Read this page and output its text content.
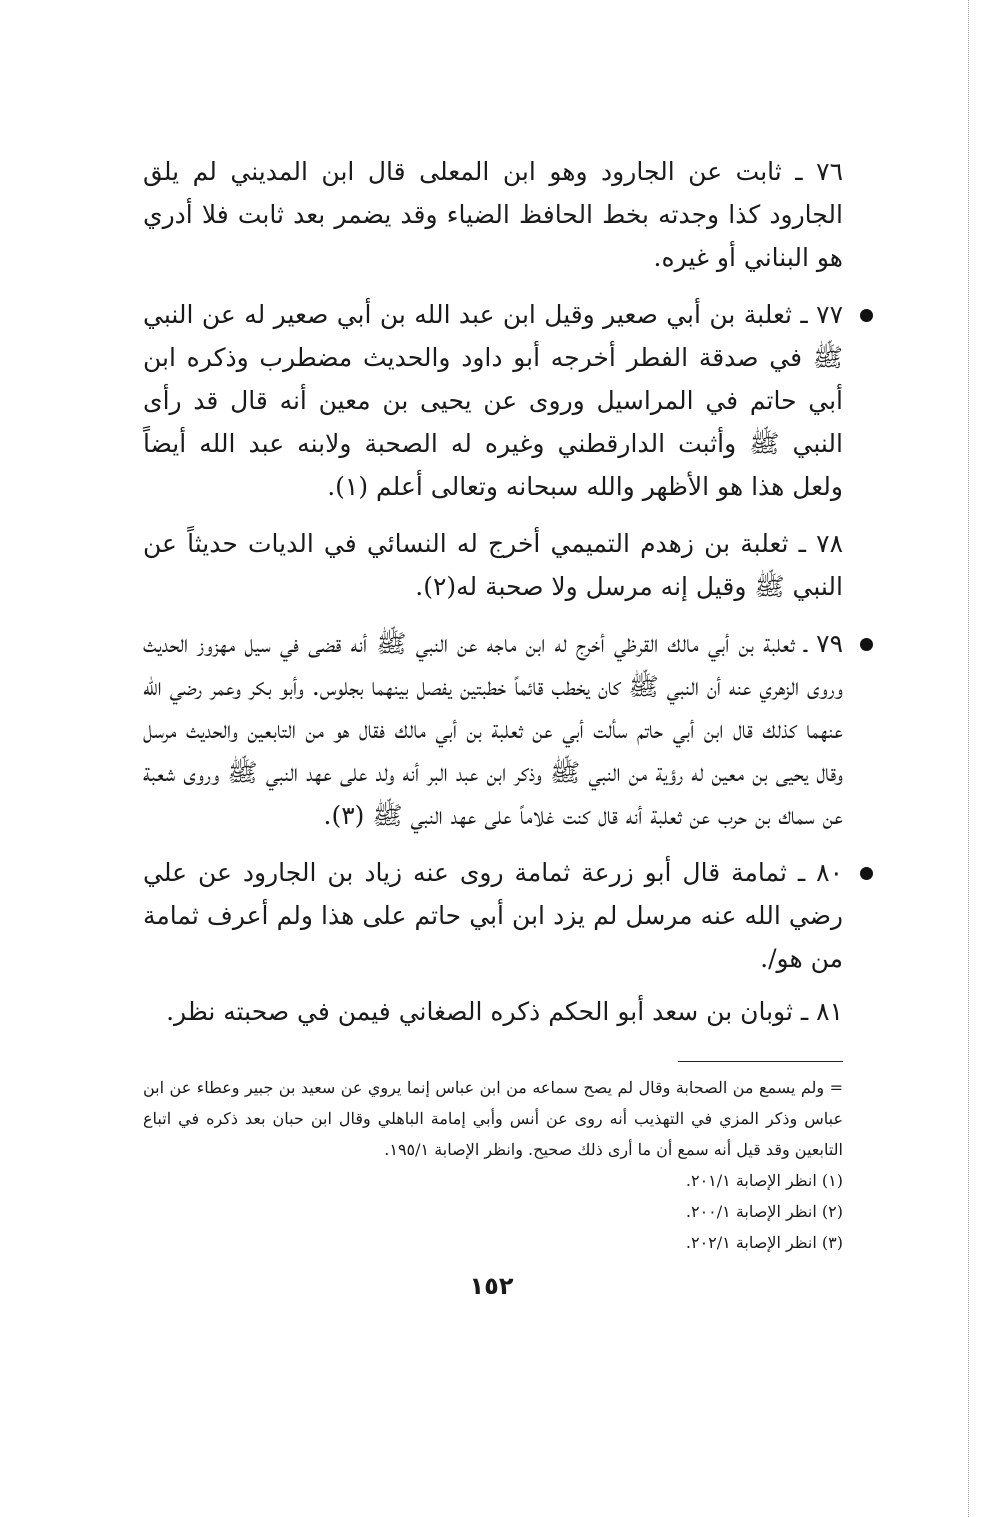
٧٦ ـ ثابت عن الجارود وهو ابن المعلى قال ابن المديني لم يلق الجارود كذا وجدته بخط الحافظ الضياء وقد يضمر بعد ثابت فلا أدري هو البناني أو غيره.

٧٧ ـ ثعلبة بن أبي صعير وقيل ابن عبد الله بن أبي صعير له عن النبي ﷺ في صدقة الفطر أخرجه أبو داود والحديث مضطرب وذكره ابن أبي حاتم في المراسيل وروى عن يحيى بن معين أنه قال قد رأى النبي ﷺ وأثبت الدارقطني وغيره له الصحبة ولابنه عبد الله أيضاً ولعل هذا هو الأظهر والله سبحانه وتعالى أعلم (١).

٧٨ ـ ثعلبة بن زهدم التميمي أخرج له النسائي في الديات حديثاً عن النبي ﷺ وقيل إنه مرسل ولا صحبة له(٢).

٧٩ ـ ثعلبة بن أبي مالك القرظي أخرج له ابن ماجه عن النبي ﷺ أنه قضى في سيل مهزوز الحديث وروى الزهري عنه أن النبي ﷺ كان يخطب قائماً خطبتين يفصل بينهما بجلوس. وأبو بكر وعمر رضي الله عنهما كذلك قال ابن أبي حاتم سألت أبي عن ثعلبة بن أبي مالك فقال هو من التابعين والحديث مرسل وقال يحيى بن معين له رؤية من النبي ﷺ وذكر ابن عبد البر أنه ولد على عهد النبي ﷺ وروى شعبة عن سماك بن حرب عن ثعلبة أنه قال كنت غلاماً على عهد النبي ﷺ (٣).

٨٠ ـ ثمامة قال أبو زرعة ثمامة روى عنه زياد بن الجارود عن علي رضي الله عنه مرسل لم يزد ابن أبي حاتم على هذا ولم أعرف ثمامة من هو/.

٨١ ـ ثوبان بن سعد أبو الحكم ذكره الصغاني فيمن في صحبته نظر.

= ولم يسمع من الصحابة وقال لم يصح سماعه من ابن عباس إنما يروي عن سعيد بن جبير وعطاء عن ابن عباس وذكر المزي في التهذيب أنه روى عن أنس وأبي إمامة الباهلي وقال ابن حبان بعد ذكره في اتباع التابعين وقد قيل أنه سمع أن ما أرى ذلك صحيح. وانظر الإصابة ١٩٥/١.

(١) انظر الإصابة ٢٠١/١.

(٢) انظر الإصابة ٢٠٠/١.

(٣) انظر الإصابة ٢٠٢/١.

١٥٢
